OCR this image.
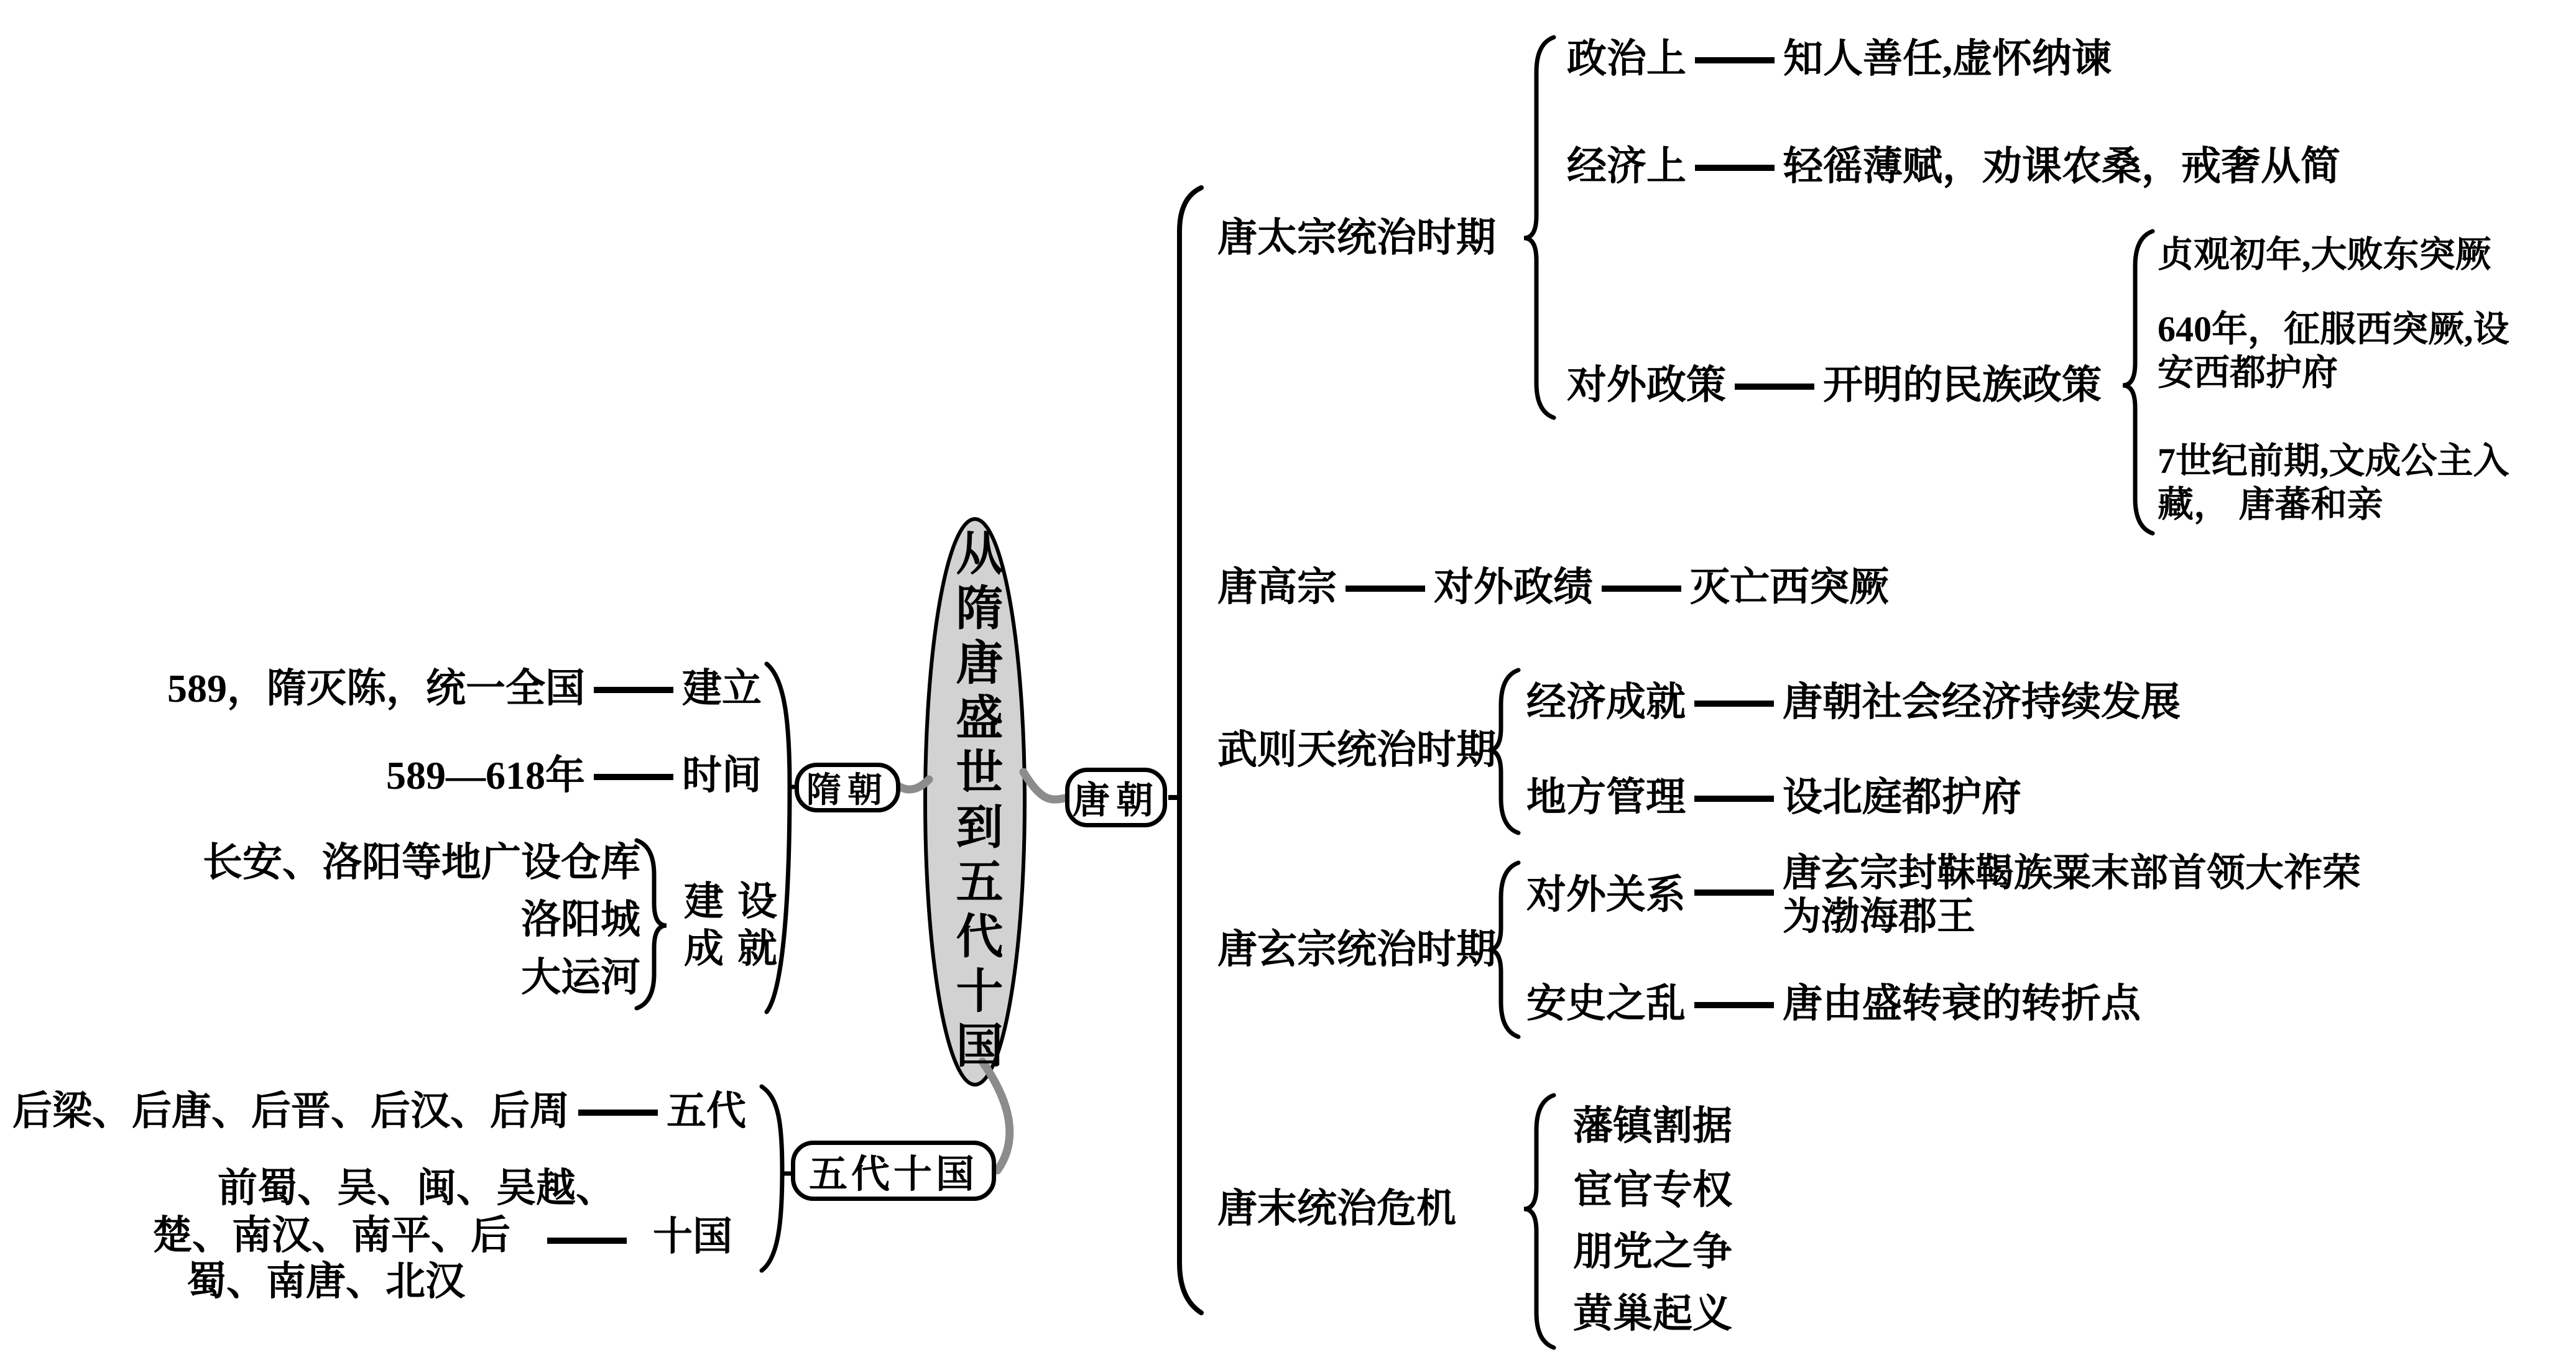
从隋唐盛世到五代十国
隋朝	唐朝
五代十国
唐太宗统治时期
政治上 知人善任,虚怀纳谏
经济上 轻徭薄赋，劝课农桑，戒奢从简
对外政策 开明的民族政策
贞观初年,大败东突厥
640年，征服西突厥,设
安西都护府
7世纪前期,文成公主入
藏， 唐蕃和亲
唐高宗 对外政绩 灭亡西突厥
武则天统治时期
经济成就 唐朝社会经济持续发展
地方管理 设北庭都护府
唐玄宗统治时期
对外关系	唐玄宗封靺鞨族粟末部首领大祚荣
为渤海郡王
安史之乱 唐由盛转衰的转折点
唐末统治危机
藩镇割据
宦官专权
朋党之争
黄巢起义
589，隋灭陈，统一全国 建立
589—618年 时间
长安、洛阳等地广设仓库
洛阳城
大运河
建设
成就
后梁、后唐、后晋、后汉、后周 五代
前蜀、吴、闽、吴越、
楚、南汉、南平、后
蜀、南唐、北汉
十国
